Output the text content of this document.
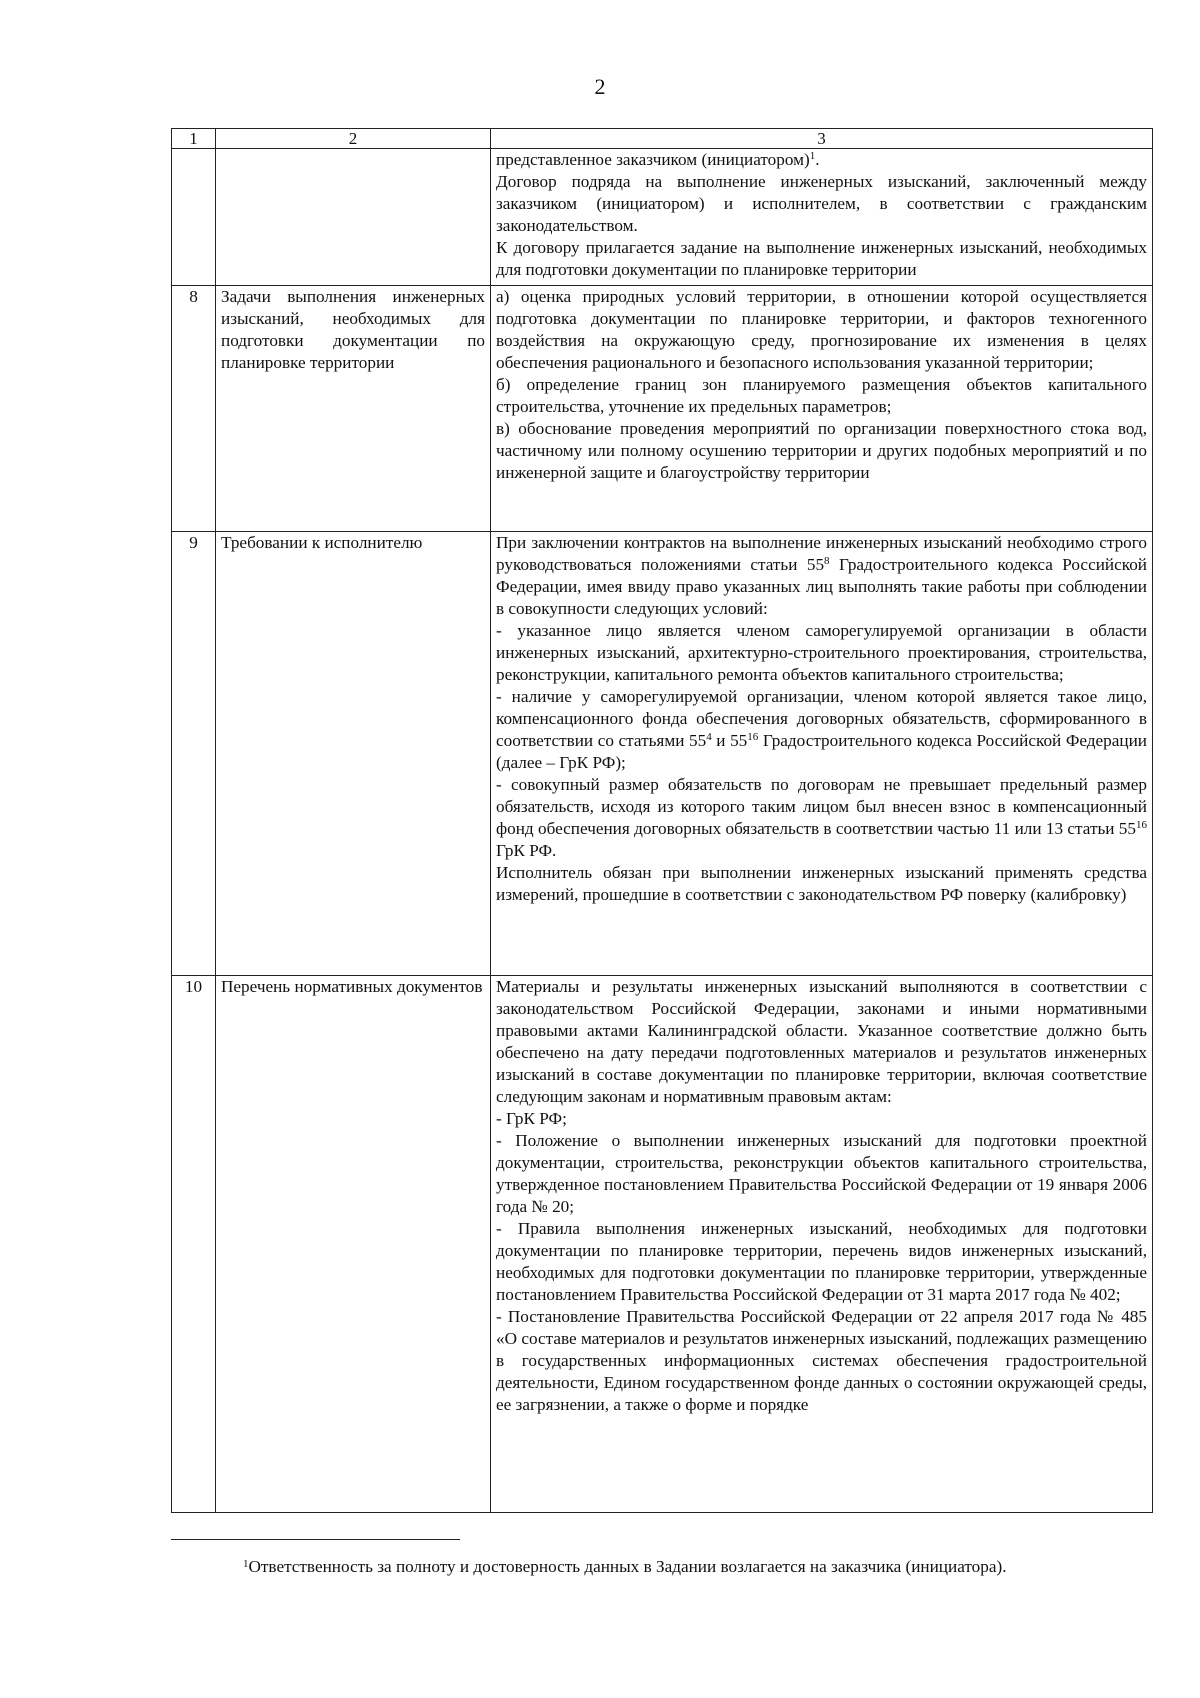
2
1	2	3

		представленное заказчиком (инициатором)$^1$.

Договор подряда на выполнение инженерных изысканий, заключенный между заказчиком (инициатором) и исполнителем, в соответствии с гражданским законодательством.

К договору прилагается задание на выполнение инженерных изысканий, необходимых для подготовки документации по планировке территории

8	Задачи выполнения инженерных изысканий, необходимых для подготовки документации по планировке территории	а) оценка природных условий территории, в отношении которой осуществляется подготовка документации по планировке территории, и факторов техногенного воздействия на окружающую среду, прогнозирование их изменения в целях обеспечения рационального и безопасного использования указанной территории;

б) определение границ зон планируемого размещения объектов капитального строительства, уточнение их предельных параметров;

в) обоснование проведения мероприятий по организации поверхностного стока вод, частичному или полному осушению территории и других подобных мероприятий и по инженерной защите и благоустройству территории

9	Требовании к исполнителю	При заключении контрактов на выполнение инженерных изысканий необходимо строго руководствоваться положениями статьи $55^8$ Градостроительного кодекса Российской Федерации, имея ввиду право указанных лиц выполнять такие работы при соблюдении в совокупности следующих условий:

- указанное лицо является членом саморегулируемой организации в области инженерных изысканий, архитектурно-строительного проектирования, строительства, реконструкции, капитального ремонта объектов капитального строительства;

- наличие у саморегулируемой организации, членом которой является такое лицо, компенсационного фонда обеспечения договорных обязательств, сформированного в соответствии со статьями $55^4$ и $55^{16}$ Градостроительного кодекса Российской Федерации (далее – ГрК РФ);

- совокупный размер обязательств по договорам не превышает предельный размер обязательств, исходя из которого таким лицом был внесен взнос в компенсационный фонд обеспечения договорных обязательств в соответствии частью 11 или 13 статьи $55^{16}$ ГрК РФ.

Исполнитель обязан при выполнении инженерных изысканий применять средства измерений, прошедшие в соответствии с законодательством РФ поверку (калибровку)

10	Перечень нормативных документов	Материалы и результаты инженерных изысканий выполняются в соответствии с законодательством Российской Федерации, законами и иными нормативными правовыми актами Калининградской области. Указанное соответствие должно быть обеспечено на дату передачи подготовленных материалов и результатов инженерных изысканий в составе документации по планировке территории, включая соответствие следующим законам и нормативным правовым актам:

- ГрК РФ;

- Положение о выполнении инженерных изысканий для подготовки проектной документации, строительства, реконструкции объектов капитального строительства, утвержденное постановлением Правительства Российской Федерации от 19 января 2006 года № 20;

- Правила выполнения инженерных изысканий, необходимых для подготовки документации по планировке территории, перечень видов инженерных изысканий, необходимых для подготовки документации по планировке территории, утвержденные постановлением Правительства Российской Федерации от 31 марта 2017 года № 402;

- Постановление Правительства Российской Федерации от 22 апреля 2017 года № 485 «О составе материалов и результатов инженерных изысканий, подлежащих размещению в государственных информационных системах обеспечения градостроительной деятельности, Едином государственном фонде данных о состоянии окружающей среды, ее загрязнении, а также о форме и порядке

$^1$Ответственность за полноту и достоверность данных в Задании возлагается на заказчика (инициатора).
